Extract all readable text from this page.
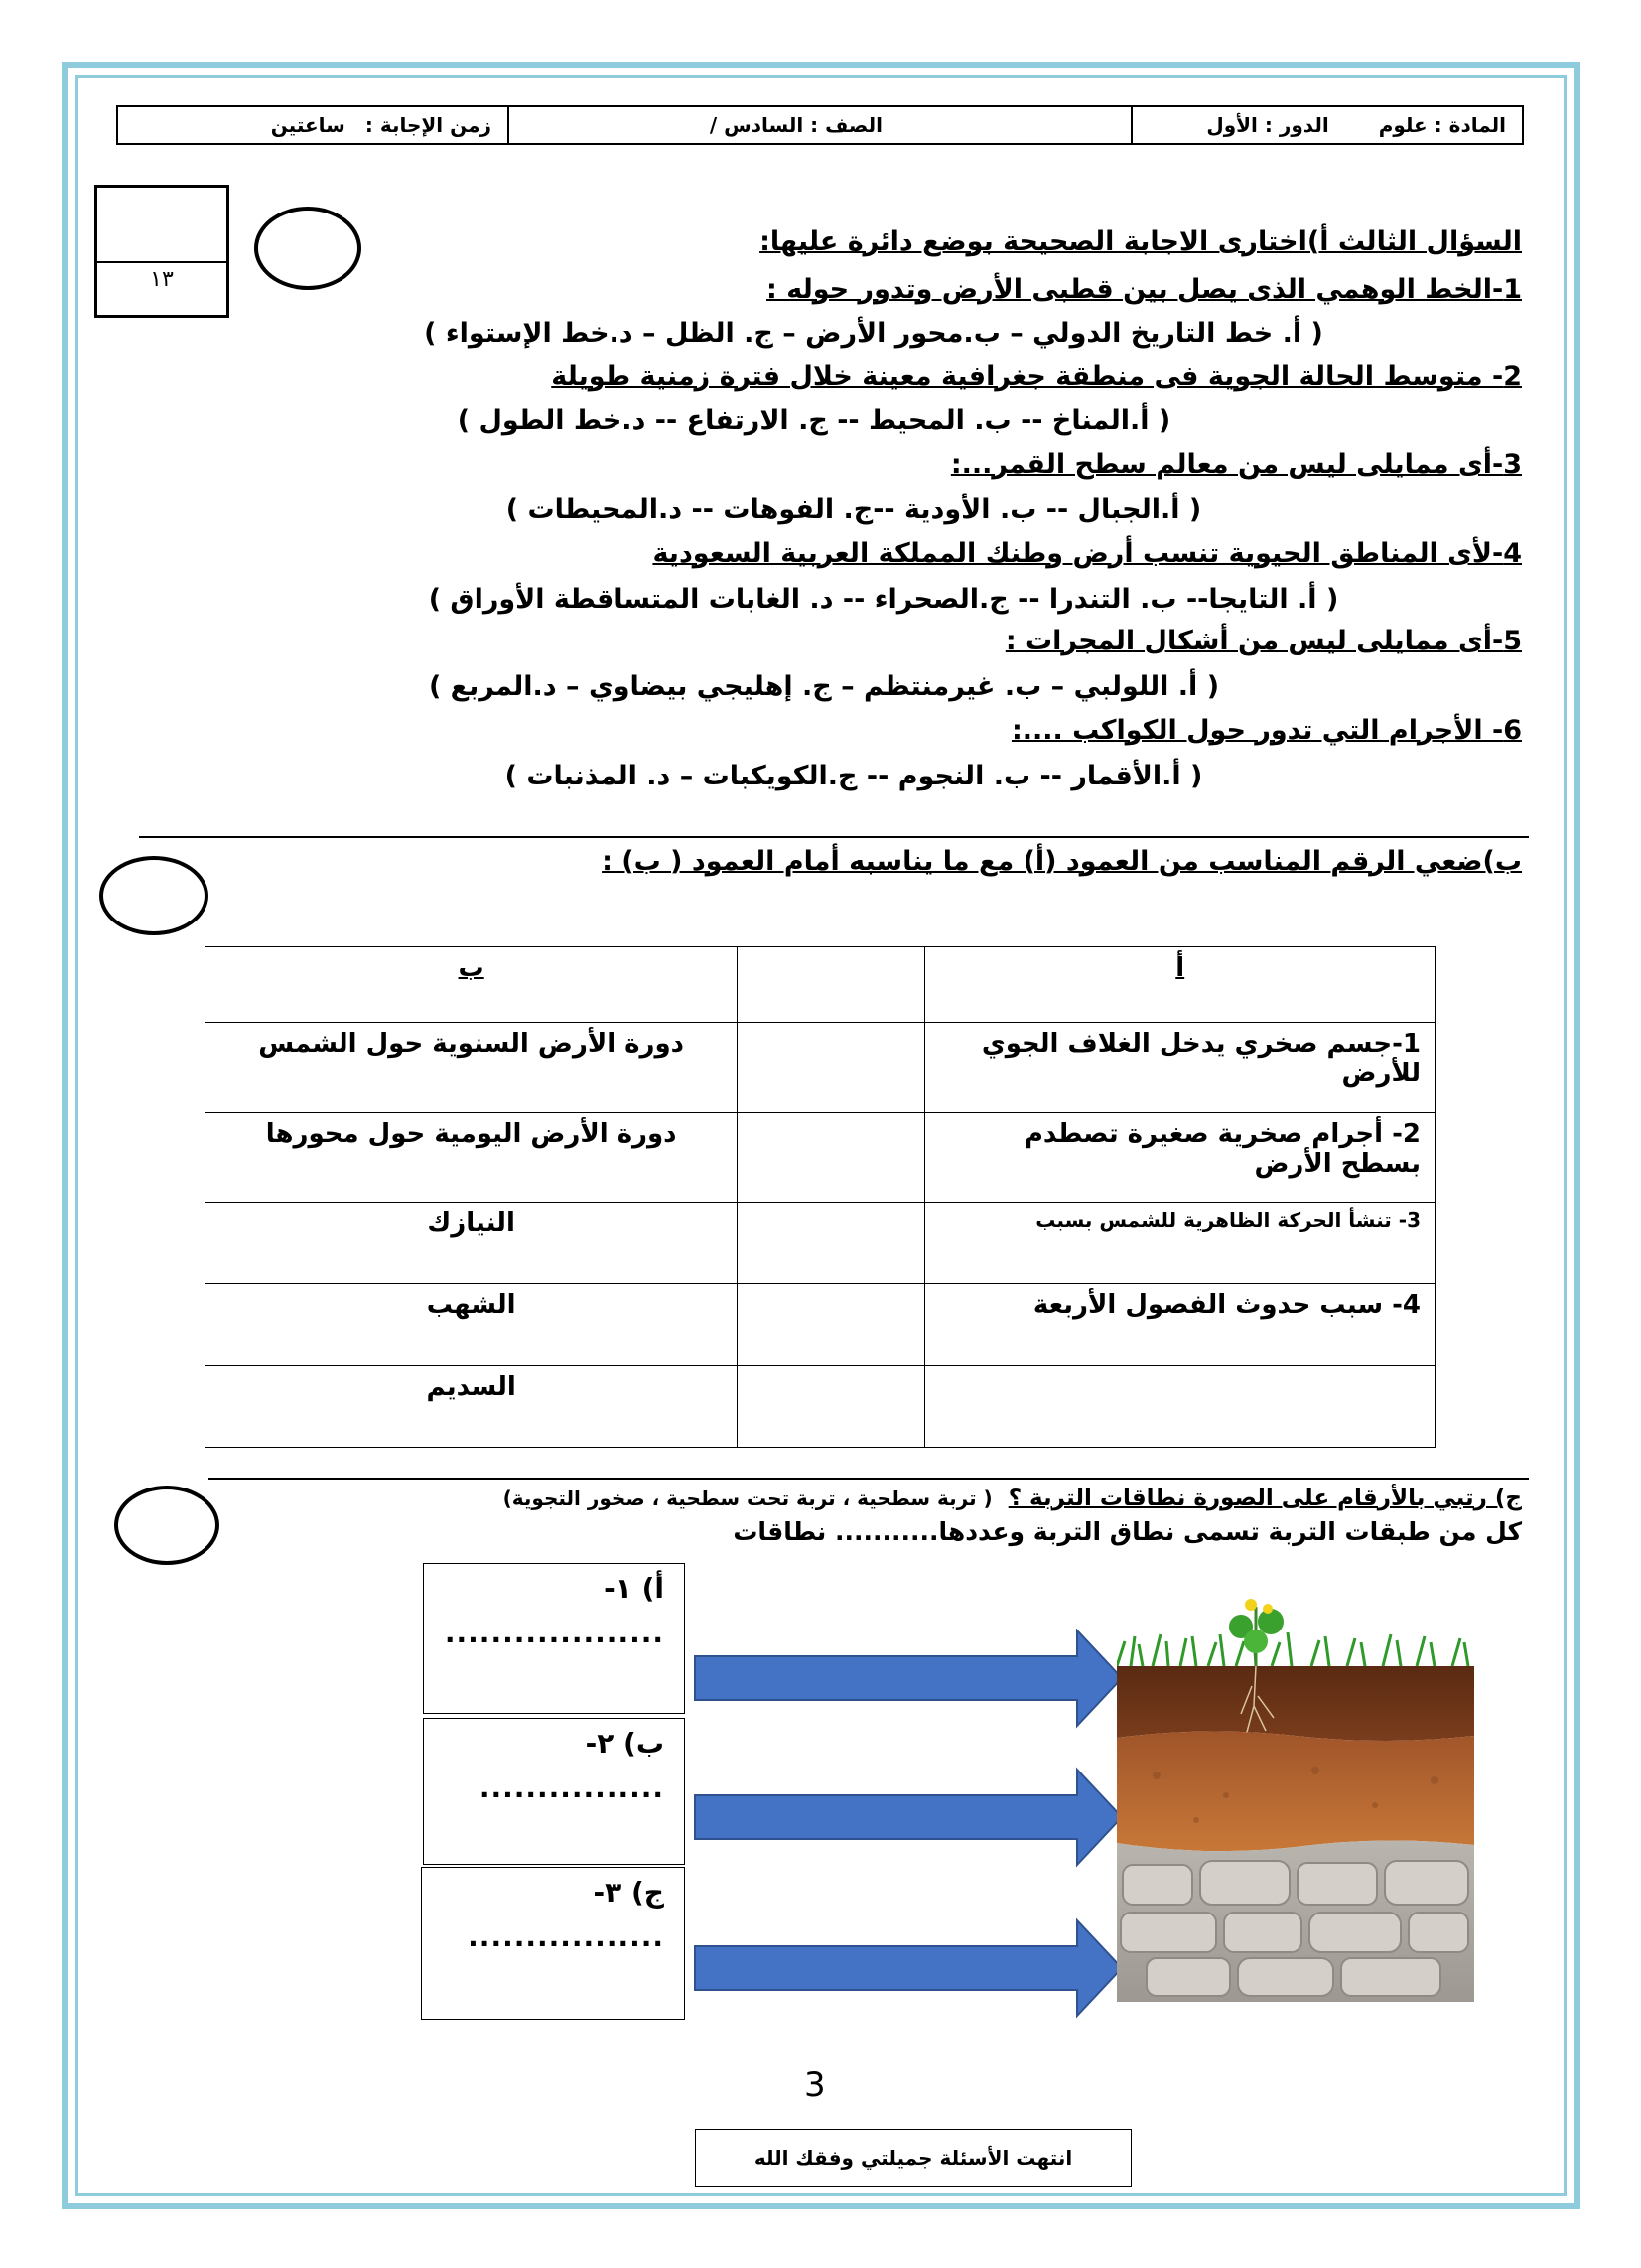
المادة : علوم
الدور : الأول
الصف : السادس /
زمن الإجابة :
ساعتين
١٣
السؤال الثالث أ)اختارى الاجابة الصحيحة بوضع دائرة عليها:
1-الخط الوهمي الذى يصل بين قطبى الأرض وتدور حوله :
( أ. خط التاريخ الدولي – ب.محور الأرض – ج. الظل – د.خط الإستواء )
2- متوسط الحالة الجوية فى منطقة جغرافية معينة خلال فترة زمنية طويلة
( أ.المناخ -- ب. المحيط -- ج. الارتفاع -- د.خط الطول )
3-أى ممايلى ليس من معالم سطح القمر...:
( أ.الجبال -- ب. الأودية --ج. الفوهات -- د.المحيطات )
4-لأى المناطق الحيوية تنسب أرض وطنك المملكة العربية السعودية
( أ. التايجا-- ب. التندرا -- ج.الصحراء -- د. الغابات المتساقطة الأوراق )
5-أى ممايلى ليس من أشكال المجرات :
( أ. اللولبي – ب. غيرمنتظم – ج. إهليجي بيضاوي – د.المربع )
6- الأجرام التي تدور حول الكواكب ....:
( أ.الأقمار -- ب. النجوم -- ج.الكويكبات – د. المذنبات )
ب)ضعي الرقم المناسب من العمود (أ) مع ما يناسبه أمام العمود ( ب) :
أ		ب
1-جسم صخري يدخل الغلاف الجوي للأرض		دورة الأرض السنوية حول الشمس
2- أجرام صخرية صغيرة تصطدم بسطح الأرض		دورة الأرض اليومية حول محورها
3- تنشأ الحركة الظاهرية للشمس بسبب		النيازك
4- سبب حدوث الفصول الأربعة		الشهب
		السديم
ج) رتبي بالأرقام على الصورة نطاقات التربة ؟ ( تربة سطحية ، تربة تحت سطحية ، صخور التجوية)
كل من طبقات التربة تسمى نطاق التربة وعددها........... نطاقات
أ) ١-
...................
ب) ٢-
................
ج) ٣-
.................
3
انتهت الأسئلة جميلتي وفقك الله
